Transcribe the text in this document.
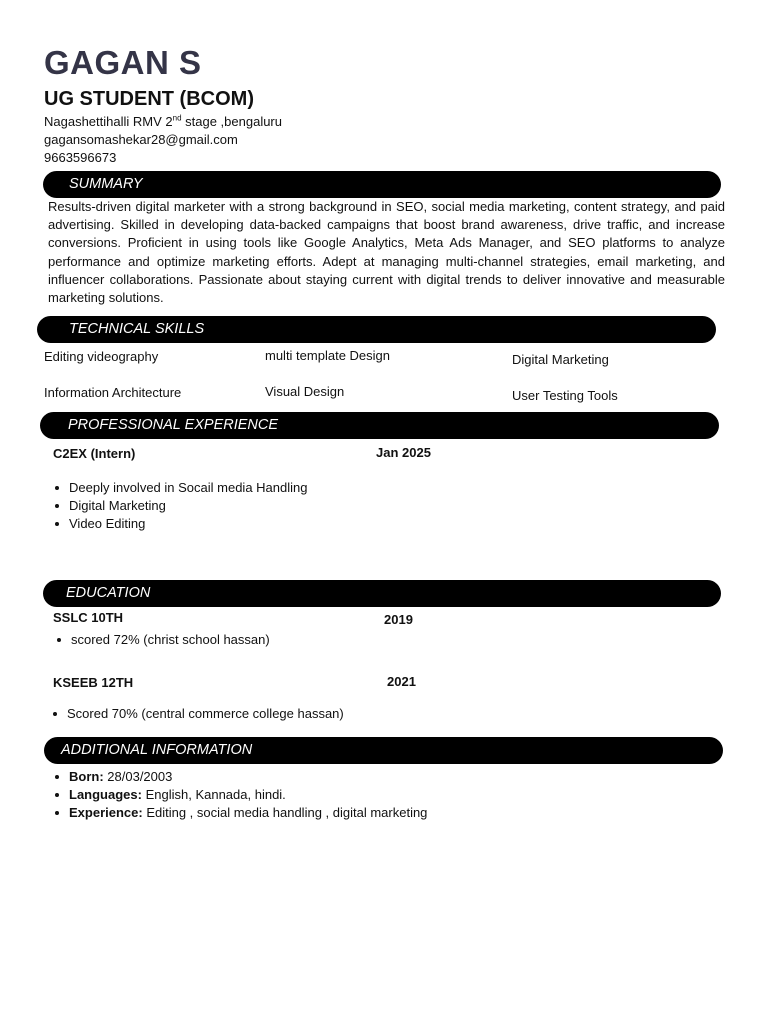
GAGAN S
UG STUDENT (BCOM)
Nagashettihalli RMV 2nd stage ,bengaluru
gagansomashekar28@gmail.com
9663596673
SUMMARY
Results-driven digital marketer with a strong background in SEO, social media marketing, content strategy, and paid advertising. Skilled in developing data-backed campaigns that boost brand awareness, drive traffic, and increase conversions. Proficient in using tools like Google Analytics, Meta Ads Manager, and SEO platforms to analyze performance and optimize marketing efforts. Adept at managing multi-channel strategies, email marketing, and influencer collaborations. Passionate about staying current with digital trends to deliver innovative and measurable marketing solutions.
TECHNICAL SKILLS
Editing videography	multi template Design	Digital Marketing
Information Architecture	Visual Design	User Testing Tools
PROFESSIONAL EXPERIENCE
C2EX (Intern)	Jan 2025
Deeply involved in Socail media Handling
Digital Marketing
Video Editing
EDUCATION
SSLC 10TH	2019
scored 72% (christ school hassan)
KSEEB 12TH	2021
Scored 70% (central commerce college hassan)
ADDITIONAL INFORMATION
Born: 28/03/2003
Languages: English, Kannada, hindi.
Experience: Editing , social media handling , digital marketing
